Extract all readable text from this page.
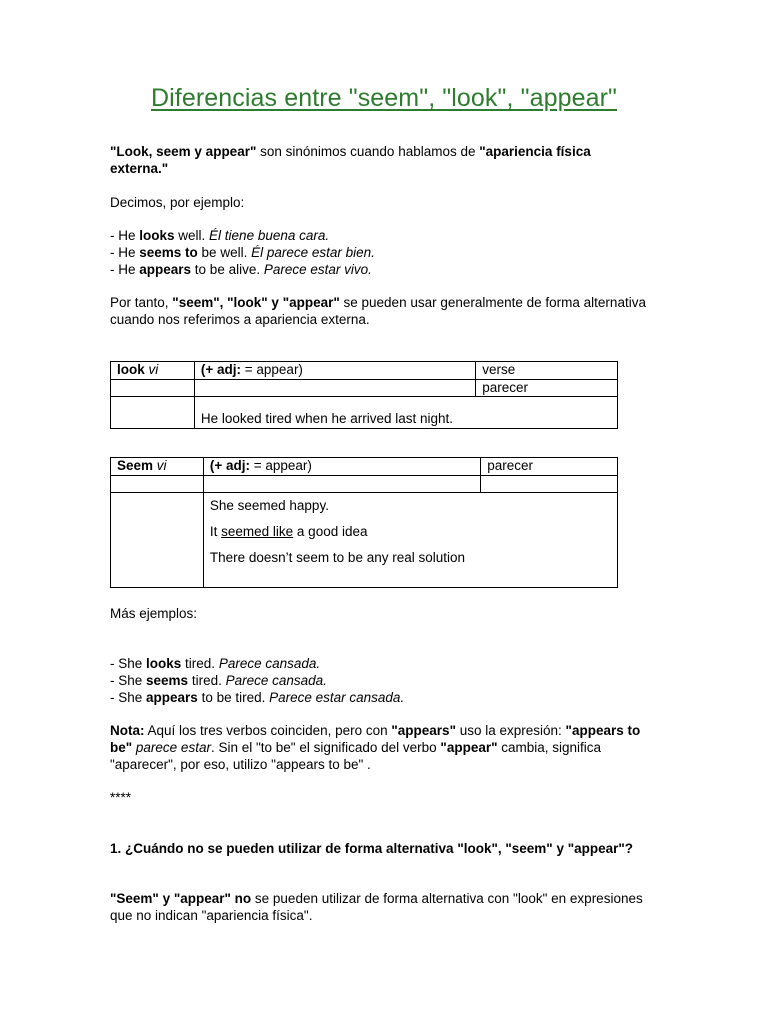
Diferencias entre "seem", "look", "appear"
"Look, seem y appear" son sinónimos cuando hablamos de "apariencia física externa."
Decimos, por ejemplo:
- He looks well. Él tiene buena cara.
- He seems to be well. Él parece estar bien.
- He appears to be alive. Parece estar vivo.
Por tanto, "seem", "look" y "appear" se pueden usar generalmente de forma alternativa cuando nos referimos a apariencia externa.
look vi	(+ adj: = appear)	verse
		parecer
	He looked tired when he arrived last night.	
Seem vi	(+ adj: = appear)	parecer

	She seemed happy.
It seemed like a good idea
There doesn’t seem to be any real solution	
Más ejemplos:
- She looks tired. Parece cansada.
- She seems tired. Parece cansada.
- She appears to be tired. Parece estar cansada.
Nota: Aquí los tres verbos coinciden, pero con "appears" uso la expresión: "appears to be" parece estar. Sin el "to be" el significado del verbo "appear" cambia, significa "aparecer", por eso, utilizo "appears to be" .
****
1. ¿Cuándo no se pueden utilizar de forma alternativa "look", "seem" y "appear"?
"Seem" y "appear" no se pueden utilizar de forma alternativa con "look" en expresiones que no indican "apariencia física".
